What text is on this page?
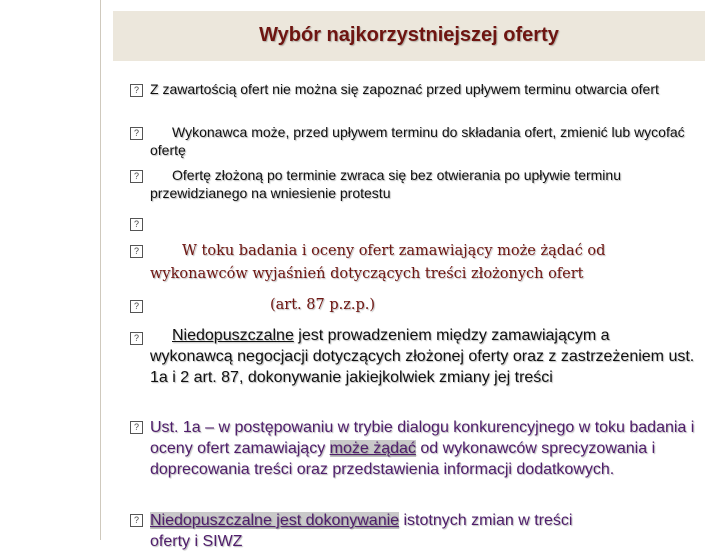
Wybór najkorzystniejszej oferty
?
?
?
?
?
?
?
?
?
Z zawartością ofert nie można się zapoznać przed upływem terminu otwarcia ofert
Wykonawca może, przed upływem terminu do składania ofert, zmienić lub wycofać ofertę
Ofertę złożoną po terminie zwraca się bez otwierania po upływie terminu przewidzianego na wniesienie protestu
W toku badania i oceny ofert zamawiający może żądać od wykonawców wyjaśnień dotyczących treści złożonych ofert
(art. 87 p.z.p.)
Niedopuszczalne jest prowadzeniem między zamawiającym a wykonawcą negocjacji dotyczących złożonej oferty oraz z zastrzeżeniem ust. 1a i 2 art. 87, dokonywanie jakiejkolwiek zmiany jej treści
Ust. 1a – w postępowaniu w trybie dialogu konkurencyjnego w toku badania i oceny ofert zamawiający może żądać od wykonawców sprecyzowania i doprecowania treści oraz przedstawienia informacji dodatkowych.
Niedopuszczalne jest dokonywanie istotnych zmian w treści
oferty i SIWZ
